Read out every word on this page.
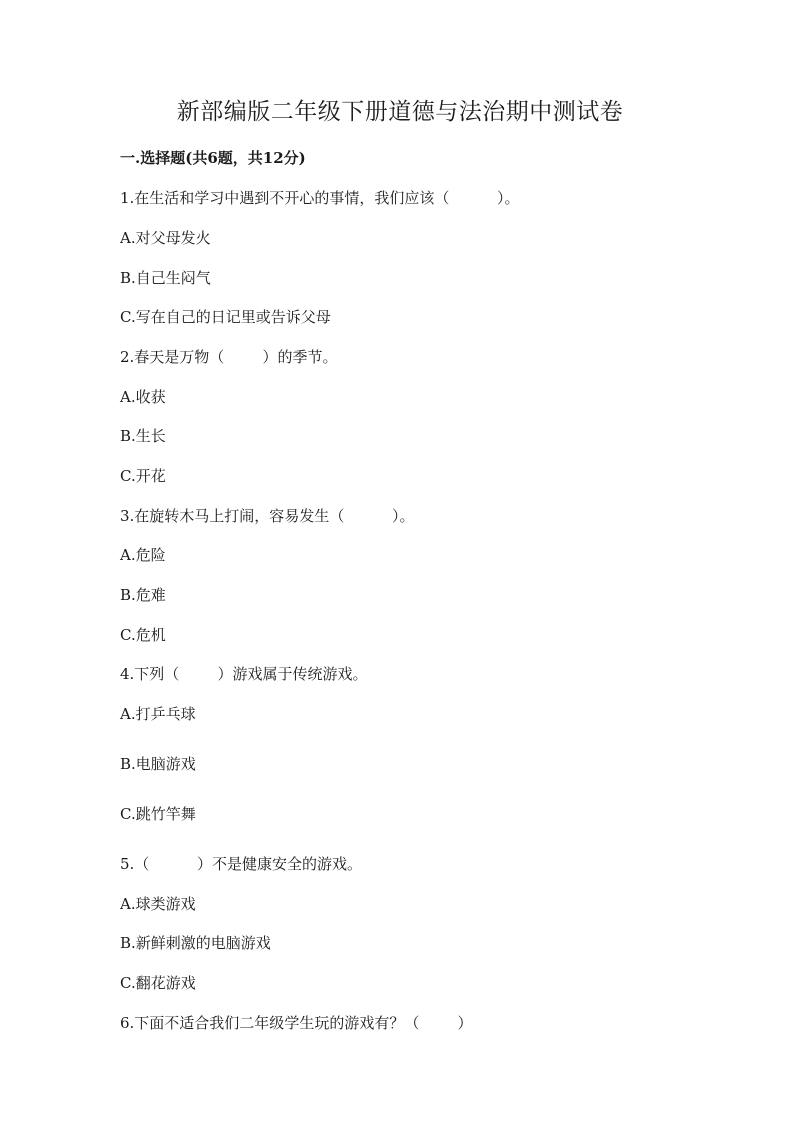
新部编版二年级下册道德与法治期中测试卷
一.选择题(共6题，共12分)
1.在生活和学习中遇到不开心的事情，我们应该（          ）。
A.对父母发火
B.自己生闷气
C.写在自己的日记里或告诉父母
2.春天是万物（        ）的季节。
A.收获
B.生长
C.开花
3.在旋转木马上打闹，容易发生（          ）。
A.危险
B.危难
C.危机
4.下列（        ）游戏属于传统游戏。
A.打乒乓球
B.电脑游戏
C.跳竹竿舞
5.（          ）不是健康安全的游戏。
A.球类游戏
B.新鲜刺激的电脑游戏
C.翻花游戏
6.下面不适合我们二年级学生玩的游戏有？（        ）
